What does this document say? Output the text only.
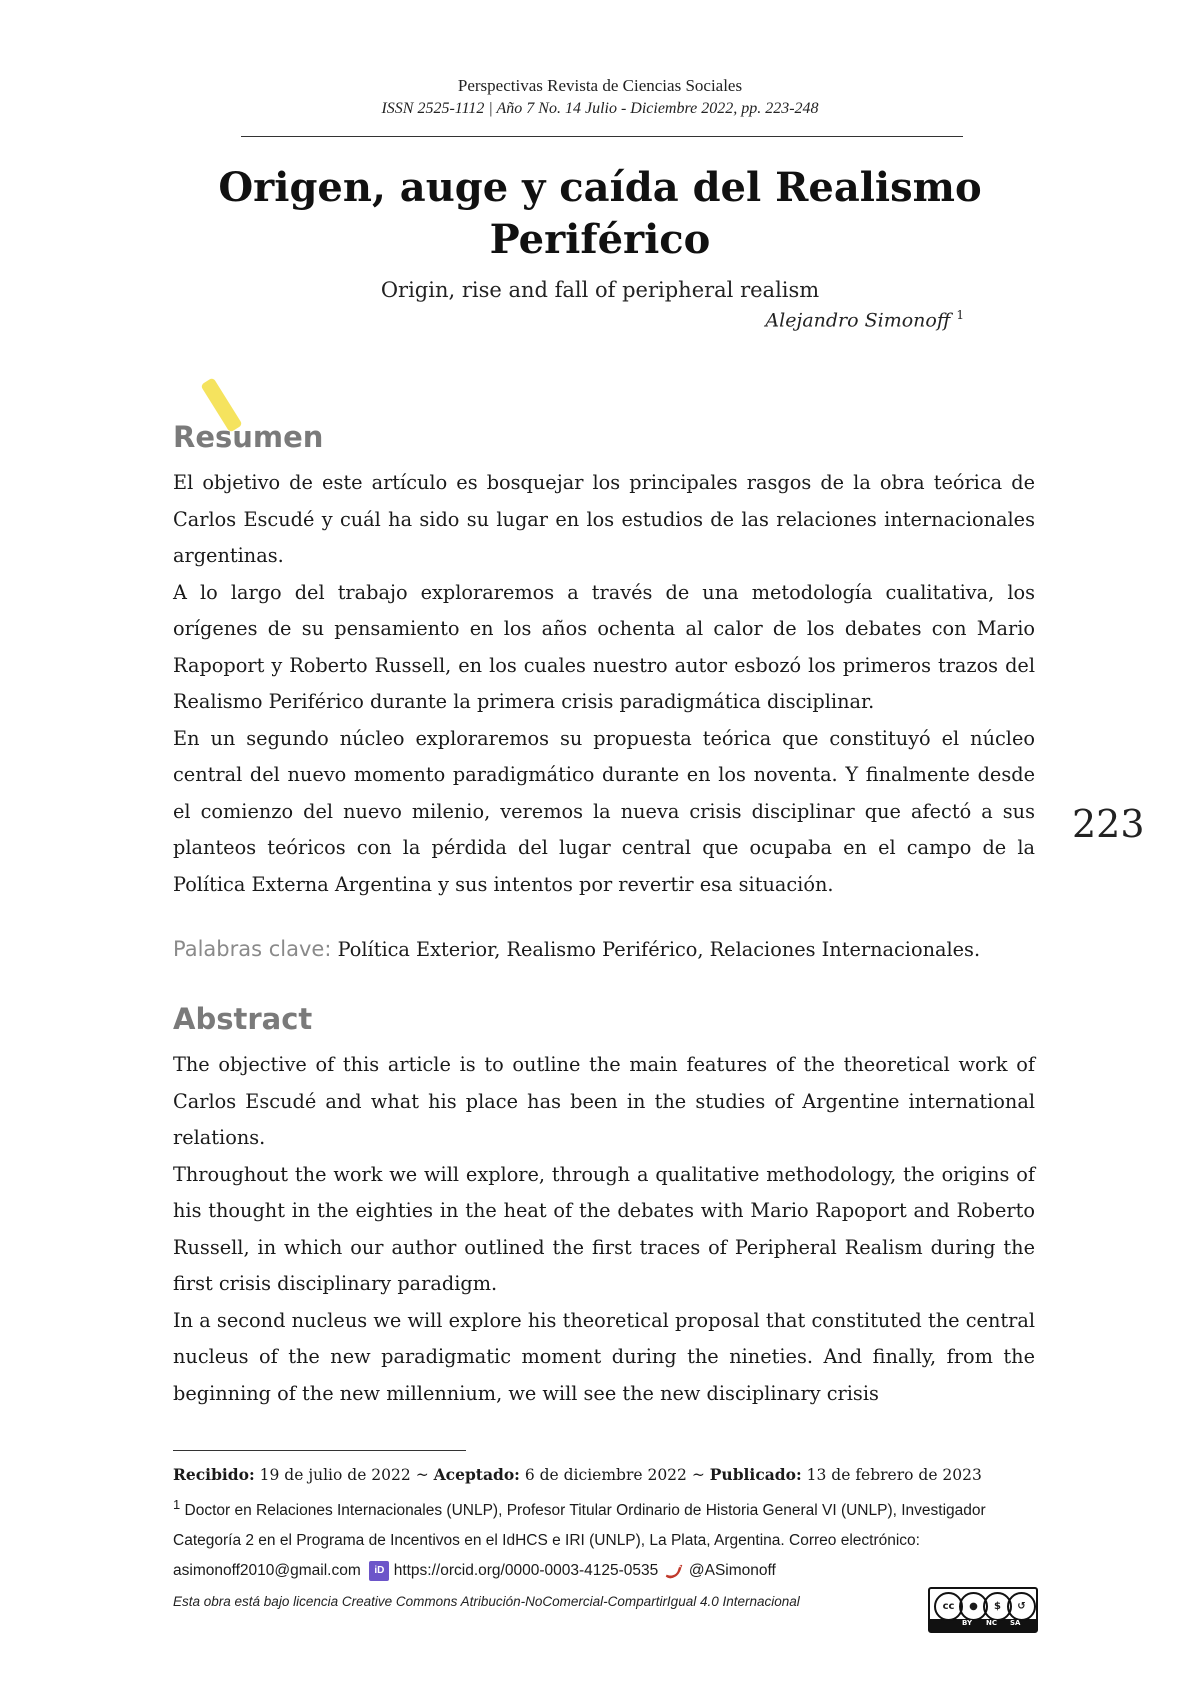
Perspectivas Revista de Ciencias Sociales
ISSN 2525-1112 | Año 7 No. 14 Julio - Diciembre 2022, pp. 223-248
Origen, auge y caída del Realismo Periférico
Origin, rise and fall of peripheral realism
Alejandro Simonoff $^1$
Resumen

El objetivo de este artículo es bosquejar los principales rasgos de la obra teórica de Carlos Escudé y cuál ha sido su lugar en los estudios de las relaciones internacionales argentinas.

A lo largo del trabajo exploraremos a través de una metodología cualitativa, los orígenes de su pensamiento en los años ochenta al calor de los debates con Mario Rapoport y Roberto Russell, en los cuales nuestro autor esbozó los primeros trazos del Realismo Periférico durante la primera crisis paradigmática disciplinar.

En un segundo núcleo exploraremos su propuesta teórica que constituyó el núcleo central del nuevo momento paradigmático durante en los noventa. Y finalmente desde el comienzo del nuevo milenio, veremos la nueva crisis disciplinar que afectó a sus planteos teóricos con la pérdida del lugar central que ocupaba en el campo de la Política Externa Argentina y sus intentos por revertir esa situación.

223
Palabras clave: Política Exterior, Realismo Periférico, Relaciones Internacionales.
Abstract

The objective of this article is to outline the main features of the theoretical work of Carlos Escudé and what his place has been in the studies of Argentine international relations.

Throughout the work we will explore, through a qualitative methodology, the origins of his thought in the eighties in the heat of the debates with Mario Rapoport and Roberto Russell, in which our author outlined the first traces of Peripheral Realism during the first crisis disciplinary paradigm.

In a second nucleus we will explore his theoretical proposal that constituted the central nucleus of the new paradigmatic moment during the nineties. And finally, from the beginning of the new millennium, we will see the new disciplinary crisis

Recibido: 19 de julio de 2022 ~ Aceptado: 6 de diciembre 2022 ~ Publicado: 13 de febrero de 2023
$^1$ Doctor en Relaciones Internacionales (UNLP), Profesor Titular Ordinario de Historia General VI (UNLP), Investigador Categoría 2 en el Programa de Incentivos en el IdHCS e IRI (UNLP), La Plata, Argentina. Correo electrónico: asimonoff2010@gmail.com iD https://orcid.org/0000-0003-4125-0535 @ASimonoff
Esta obra está bajo licencia Creative Commons Atribución-NoComercial-CompartirIgual 4.0 Internacional	cc	●	$	↺
BY NC SA
